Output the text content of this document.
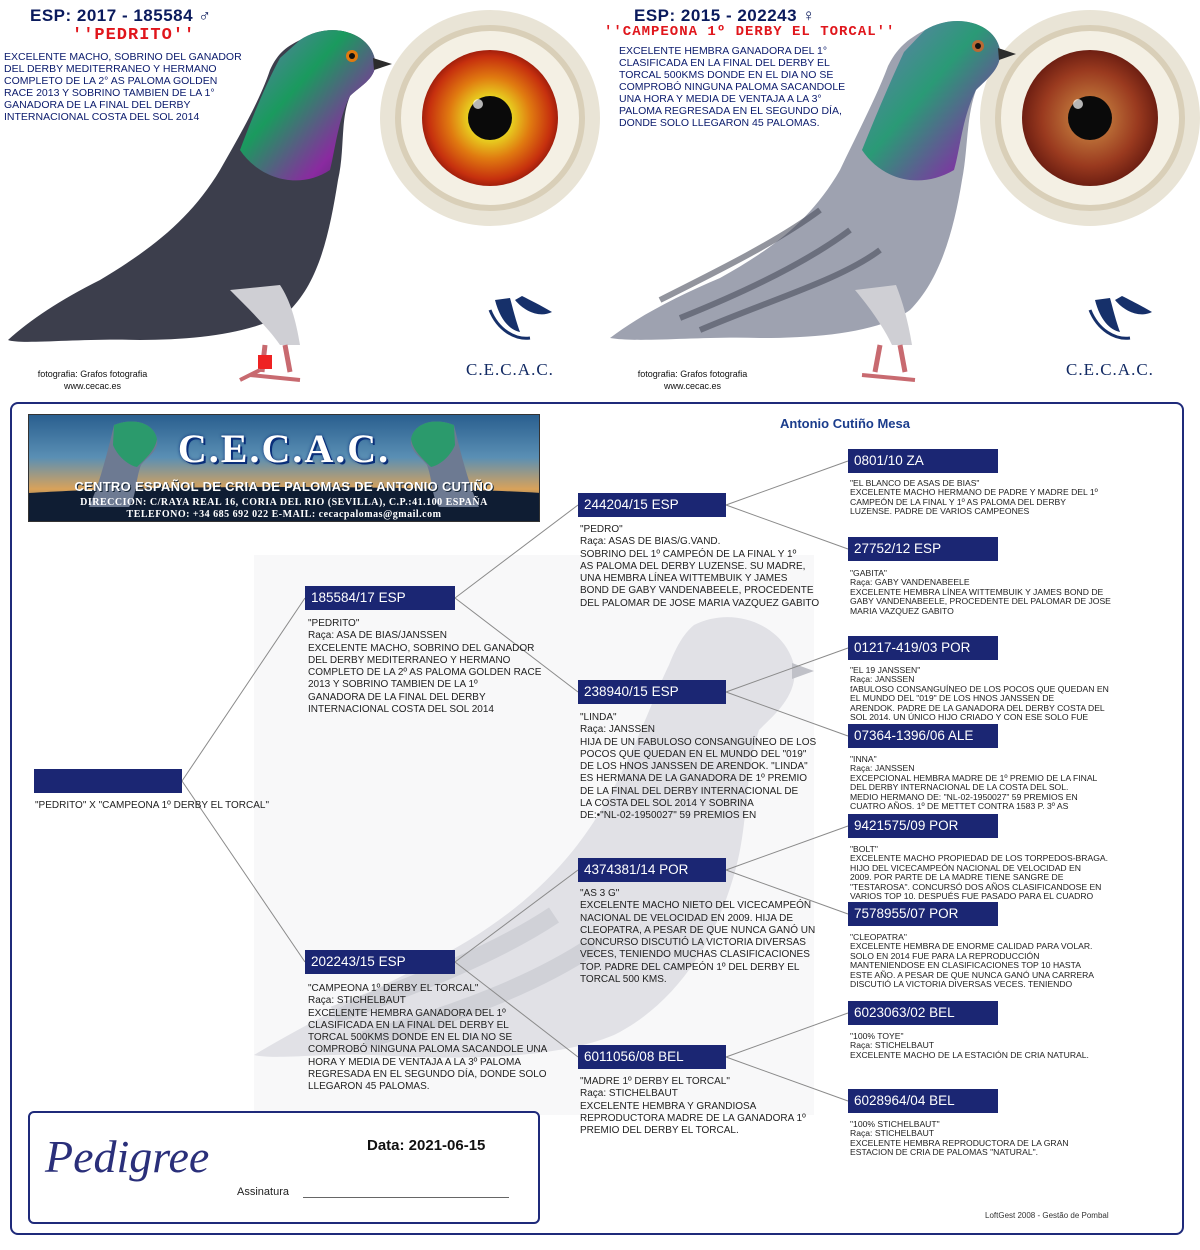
ESP: 2017 - 185584 ♂
''PEDRITO''
EXCELENTE MACHO, SOBRINO DEL GANADOR
DEL DERBY MEDITERRANEO Y HERMANO
COMPLETO DE LA 2° AS PALOMA GOLDEN
RACE 2013 Y SOBRINO TAMBIEN DE LA 1°
GANADORA DE LA FINAL DEL DERBY
INTERNACIONAL COSTA DEL SOL 2014
fotografia: Grafos fotografia
www.cecac.es
C.E.C.A.C.
ESP: 2015 - 202243 ♀
''CAMPEONA 1º DERBY EL TORCAL''
EXCELENTE HEMBRA GANADORA DEL 1°
CLASIFICADA EN LA FINAL DEL DERBY EL
TORCAL 500KMS DONDE EN EL DIA NO SE
COMPROBÓ NINGUNA PALOMA SACANDOLE
UNA HORA Y MEDIA DE VENTAJA A LA 3°
PALOMA REGRESADA EN EL SEGUNDO DÍA,
DONDE SOLO LLEGARON 45 PALOMAS.
fotografia: Grafos fotografia
www.cecac.es
C.E.C.A.C.
Antonio Cutiño Mesa
C.E.C.A.C.
CENTRO ESPAÑOL DE CRIA DE PALOMAS DE ANTONIO CUTIÑO
DIRECCION: C/RAYA REAL 16, CORIA DEL RIO (SEVILLA), C.P.:41.100 ESPAÑA
TELEFONO: +34 685 692 022 E-MAIL: cecacpalomas@gmail.com
"PEDRITO" X "CAMPEONA 1º DERBY EL TORCAL"
185584/17 ESP
"PEDRITO"
Raça: ASA DE BIAS/JANSSEN
EXCELENTE MACHO, SOBRINO DEL GANADOR
DEL DERBY MEDITERRANEO Y HERMANO
COMPLETO DE LA 2º AS PALOMA GOLDEN RACE
2013 Y SOBRINO TAMBIEN DE LA 1º
GANADORA DE LA FINAL DEL DERBY
INTERNACIONAL COSTA DEL SOL 2014
202243/15 ESP
"CAMPEONA 1º DERBY EL TORCAL"
Raça: STICHELBAUT
EXCELENTE HEMBRA GANADORA DEL 1º
CLASIFICADA EN LA FINAL DEL DERBY EL
TORCAL 500KMS DONDE EN EL DIA NO SE
COMPROBÓ NINGUNA PALOMA SACANDOLE UNA
HORA Y MEDIA DE VENTAJA A LA 3º PALOMA
REGRESADA EN EL SEGUNDO DÍA, DONDE SOLO
LLEGARON 45 PALOMAS.
244204/15 ESP
"PEDRO"
Raça: ASAS DE BIAS/G.VAND.
SOBRINO DEL 1º CAMPEÓN DE LA FINAL Y 1º
AS PALOMA DEL DERBY LUZENSE. SU MADRE,
UNA HEMBRA LÍNEA WITTEMBUIK Y JAMES
BOND DE GABY VANDENABEELE, PROCEDENTE
DEL PALOMAR DE JOSE MARIA VAZQUEZ GABITO
238940/15 ESP
"LINDA"
Raça: JANSSEN
HIJA DE UN FABULOSO CONSANGUÍNEO DE LOS
POCOS QUE QUEDAN EN EL MUNDO DEL "019"
DE LOS HNOS JANSSEN DE ARENDOK. "LINDA"
ES HERMANA DE LA GANADORA DE 1º PREMIO
DE LA FINAL DEL DERBY INTERNACIONAL DE
LA COSTA DEL SOL 2014 Y SOBRINA
DE:•"NL-02-1950027" 59 PREMIOS EN
4374381/14 POR
"AS 3 G"
EXCELENTE MACHO NIETO DEL VICECAMPEÓN
NACIONAL DE VELOCIDAD EN 2009. HIJA DE
CLEOPATRA, A PESAR DE QUE NUNCA GANÓ UN
CONCURSO DISCUTIÓ LA VICTORIA DIVERSAS
VECES, TENIENDO MUCHAS CLASIFICACIONES
TOP. PADRE DEL CAMPEÓN 1º DEL DERBY EL
TORCAL 500 KMS.
6011056/08 BEL
"MADRE 1º DERBY EL TORCAL"
Raça: STICHELBAUT
EXCELENTE HEMBRA Y GRANDIOSA
REPRODUCTORA MADRE DE LA GANADORA 1º
PREMIO DEL DERBY EL TORCAL.
0801/10 ZA
"EL BLANCO DE ASAS DE BIAS"
EXCELENTE MACHO HERMANO DE PADRE Y MADRE DEL 1º
CAMPEÓN DE LA FINAL Y 1º AS PALOMA DEL DERBY
LUZENSE. PADRE DE VARIOS CAMPEONES
27752/12 ESP
"GABITA"
Raça: GABY VANDENABEELE
EXCELENTE HEMBRA LÍNEA WITTEMBUIK Y JAMES BOND DE
GABY VANDENABEELE, PROCEDENTE DEL PALOMAR DE JOSE
MARIA VAZQUEZ GABITO
01217-419/03 POR
"EL 19 JANSSEN"
Raça: JANSSEN
fABULOSO CONSANGUÍNEO DE LOS POCOS QUE QUEDAN EN
EL MUNDO DEL "019" DE LOS HNOS JANSSEN DE
ARENDOK. PADRE DE LA GANADORA DEL DERBY COSTA DEL
SOL 2014. UN ÚNICO HIJO CRIADO Y CON ESE SOLO FUE
07364-1396/06 ALE
"INNA"
Raça: JANSSEN
EXCEPCIONAL HEMBRA MADRE DE 1º PREMIO DE LA FINAL
DEL DERBY INTERNACIONAL DE LA COSTA DEL SOL.
MEDIO HERMANO DE: "NL-02-1950027" 59 PREMIOS EN
CUATRO AÑOS. 1º DE METTET CONTRA 1583 P. 3º AS
9421575/09 POR
"BOLT"
EXCELENTE MACHO PROPIEDAD DE LOS TORPEDOS-BRAGA.
HIJO DEL VICECAMPEÓN NACIONAL DE VELOCIDAD EN
2009. POR PARTE DE LA MADRE TIENE SANGRE DE
"TESTAROSA". CONCURSÓ DOS AÑOS CLASIFICANDOSE EN
VARIOS TOP 10. DESPUÉS FUE PASADO PARA EL CUADRO
7578955/07 POR
"CLEOPATRA"
EXCELENTE HEMBRA DE ENORME CALIDAD PARA VOLAR.
SOLO EN 2014 FUE PARA LA REPRODUCCIÓN
MANTENIENDOSE EN CLASIFICACIONES TOP 10 HASTA
ESTE AÑO. A PESAR DE QUE NUNCA GANÓ UNA CARRERA
DISCUTIÓ LA VICTORIA DIVERSAS VECES. TENIENDO
6023063/02 BEL
"100% TOYE"
Raça: STICHELBAUT
EXCELENTE MACHO DE LA ESTACIÓN DE CRIA NATURAL.
6028964/04 BEL
"100% STICHELBAUT"
Raça: STICHELBAUT
EXCELENTE HEMBRA REPRODUCTORA DE LA GRAN
ESTACION DE CRIA DE PALOMAS "NATURAL".
Pedigree	Data: 2021-06-15
Assinatura
LoftGest 2008 - Gestão de Pombal
